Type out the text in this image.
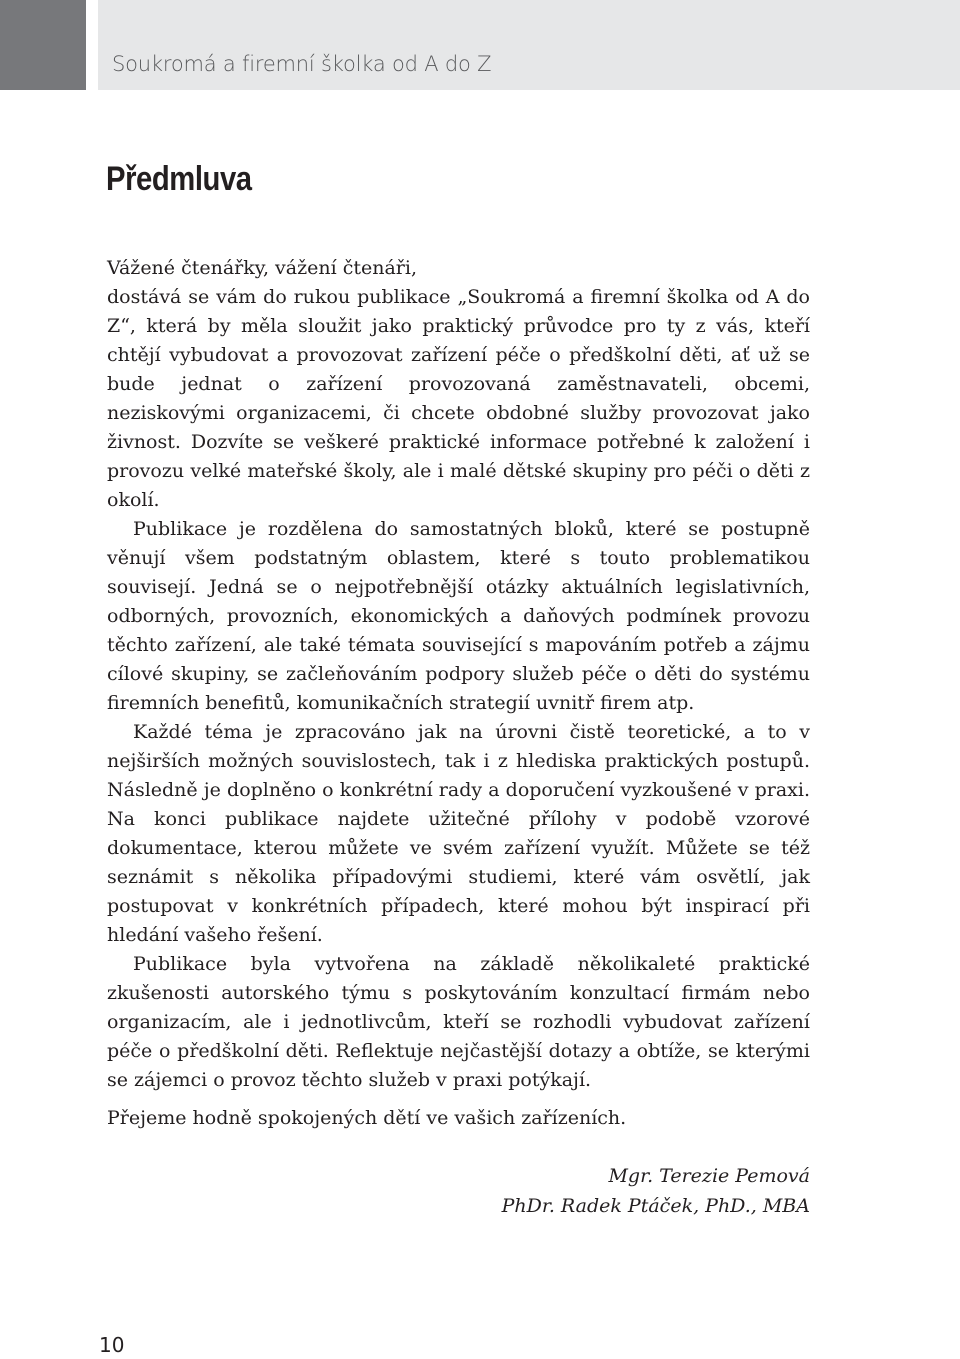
Soukromá a firemní školka od A do Z
Předmluva

Vážené čtenářky, vážení čtenáři,

dostává se vám do rukou publikace „Soukromá a firemní školka od A do Z“, která by měla sloužit jako praktický průvodce pro ty z vás, kteří chtějí vybudovat a provozovat zařízení péče o předškolní děti, ať už se bude jednat o zařízení provozovaná zaměstnavateli, obcemi, neziskovými organizacemi, či chcete obdobné služby provozovat jako živnost. Dozvíte se veškeré praktické informace potřebné k založení i provozu velké mateřské školy, ale i malé dětské skupiny pro péči o děti z okolí.

Publikace je rozdělena do samostatných bloků, které se postupně věnují všem podstatným oblastem, které s touto problematikou souvisejí. Jedná se o nejpotřebnější otázky aktuálních legislativních, odborných, provozních, ekonomických a daňových podmínek provozu těchto zařízení, ale také témata související s mapováním potřeb a zájmu cílové skupiny, se začleňováním podpory služeb péče o děti do systému firemních benefitů, komunikačních strategií uvnitř firem atp.

Každé téma je zpracováno jak na úrovni čistě teoretické, a to v nejširších možných souvislostech, tak i z hlediska praktických postupů. Následně je doplněno o konkrétní rady a doporučení vyzkoušené v praxi. Na konci publikace najdete užitečné přílohy v podobě vzorové dokumentace, kterou můžete ve svém zařízení využít. Můžete se též seznámit s několika případovými studiemi, které vám osvětlí, jak postupovat v konkrétních případech, které mohou být inspirací při hledání vašeho řešení.

Publikace byla vytvořena na základě několikaleté praktické zkušenosti autorského týmu s poskytováním konzultací firmám nebo organizacím, ale i jednotlivcům, kteří se rozhodli vybudovat zařízení péče o předškolní děti. Reflektuje nejčastější dotazy a obtíže, se kterými se zájemci o provoz těchto služeb v praxi potýkají.

Přejeme hodně spokojených dětí ve vašich zařízeních.
Mgr. Terezie Pemová
PhDr. Radek Ptáček, PhD., MBA
10
